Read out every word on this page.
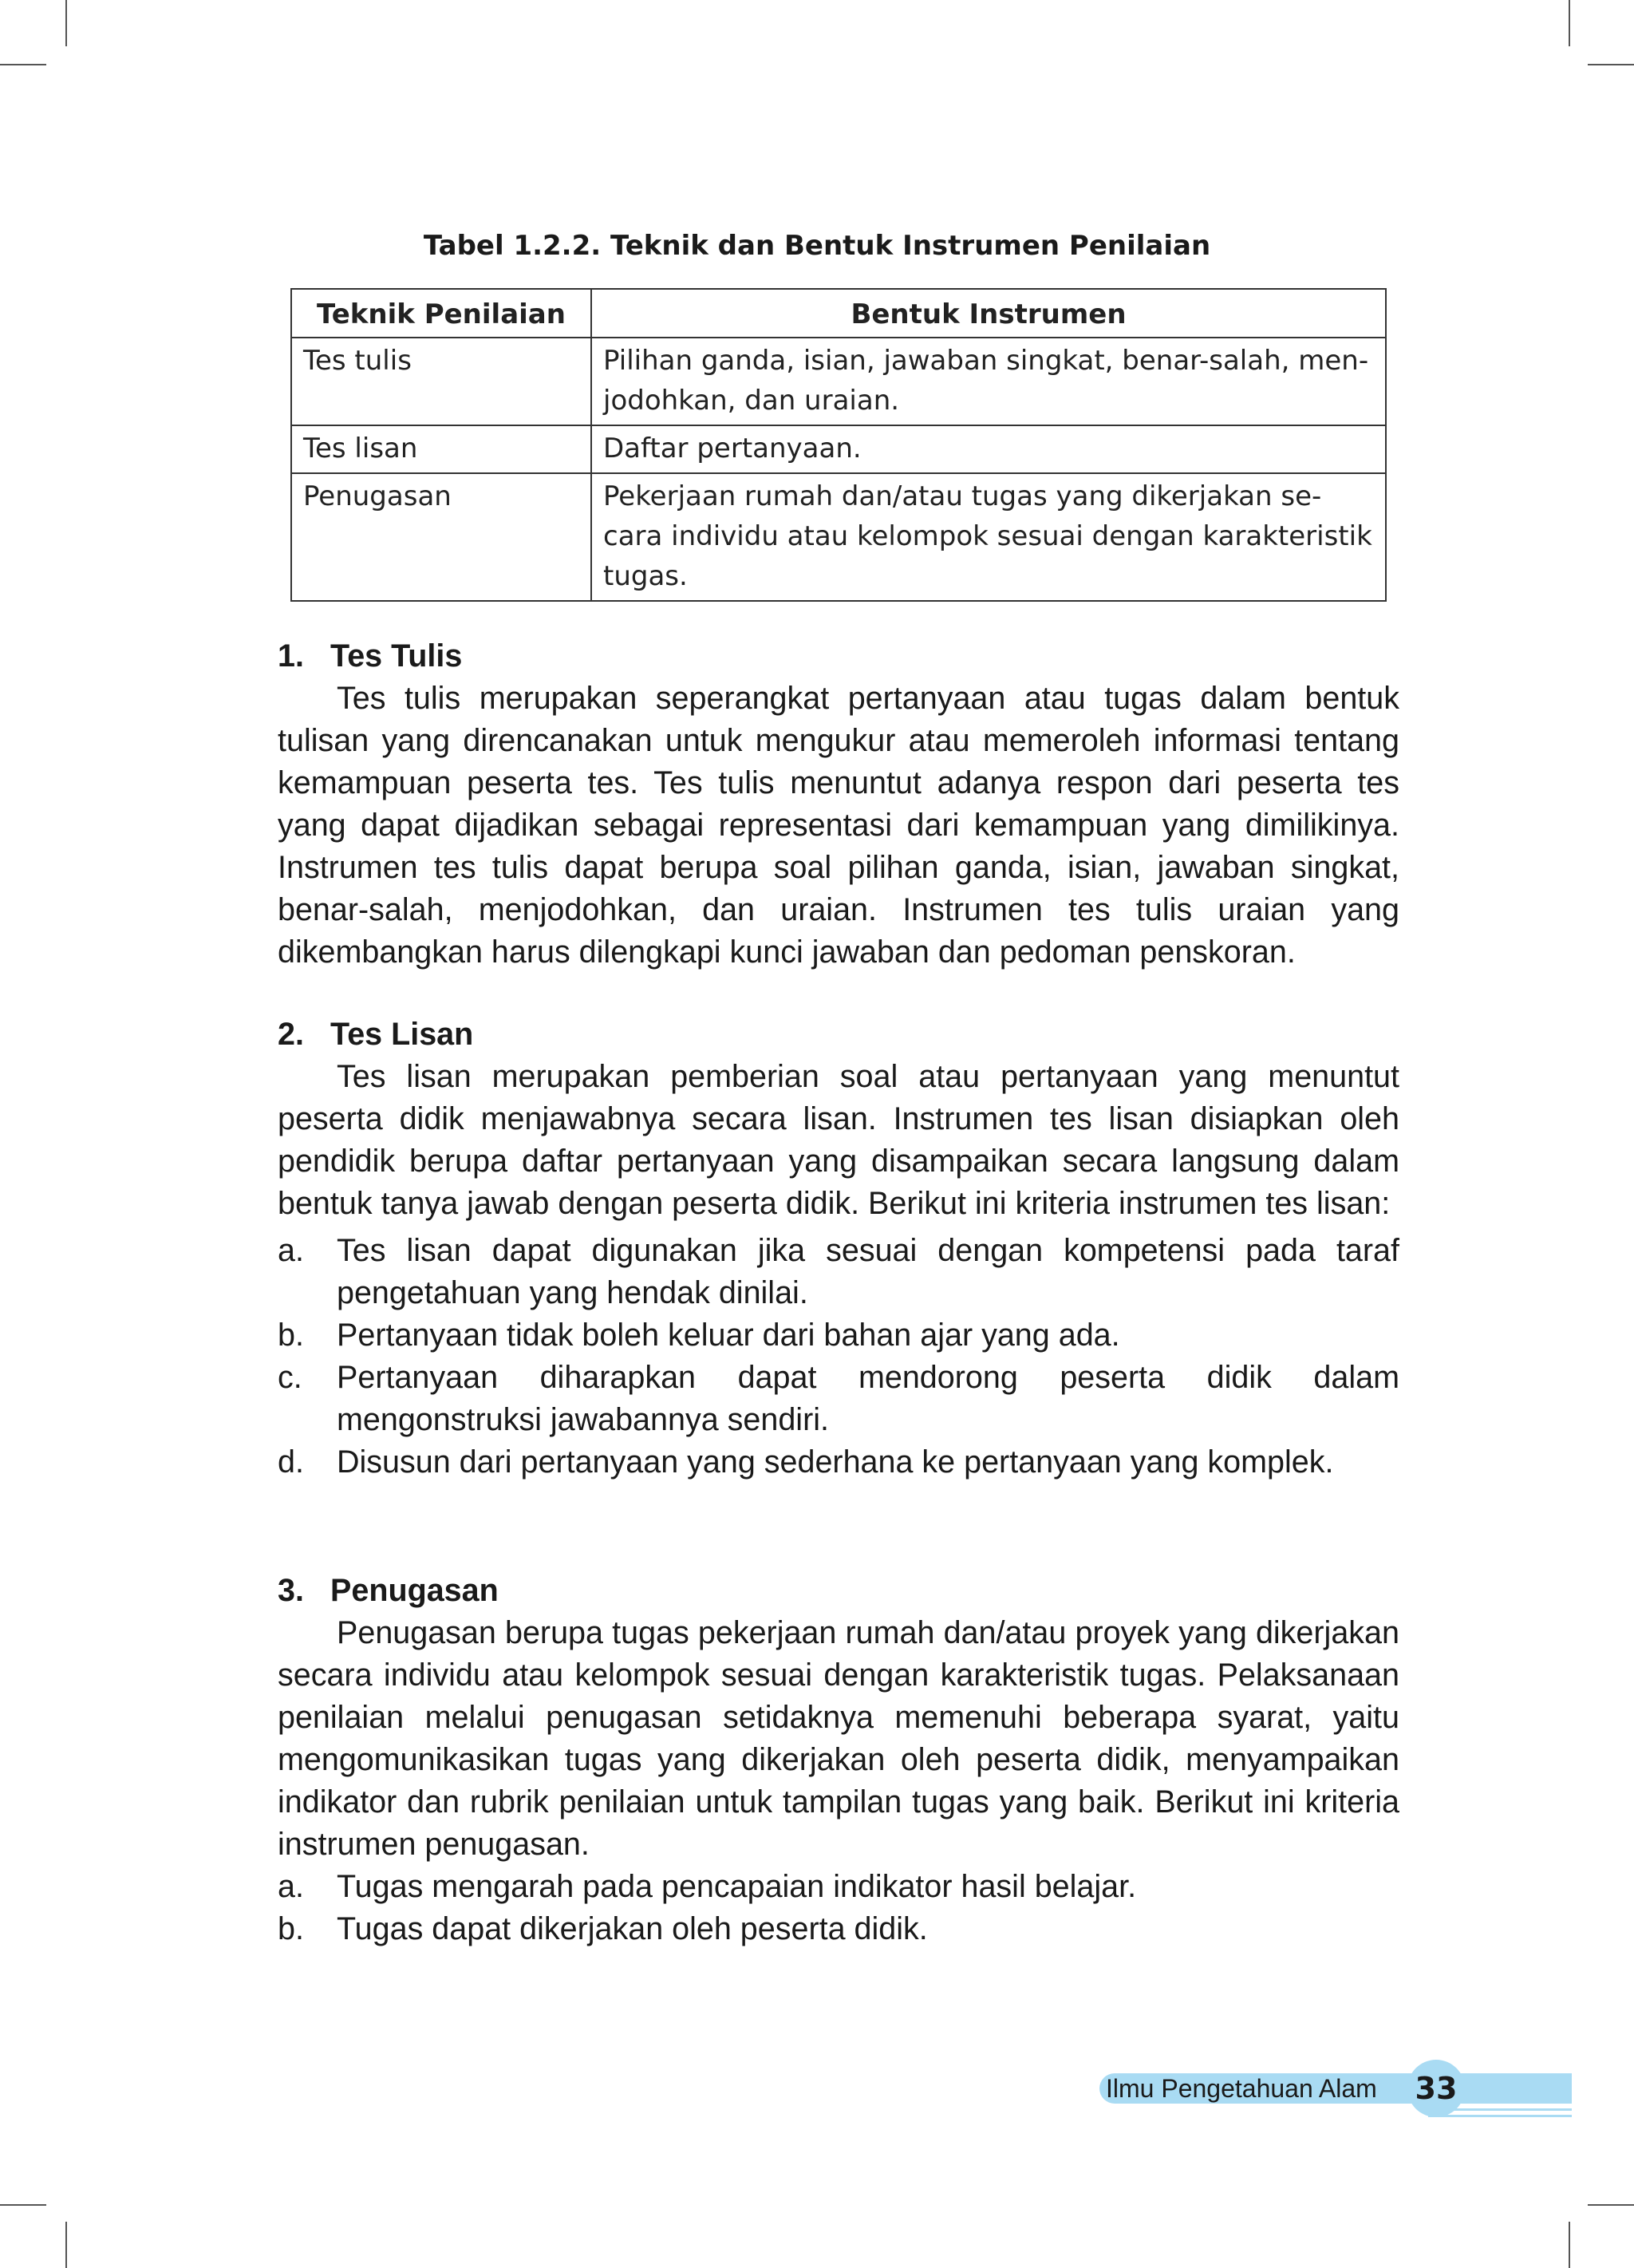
Tabel 1.2.2. Teknik dan Bentuk Instrumen Penilaian
Teknik Penilaian	Bentuk Instrumen
Tes tulis	Pilihan ganda, isian, jawaban singkat, benar-salah, men-jodohkan, dan uraian.
Tes lisan	Daftar pertanyaan.
Penugasan	Pekerjaan rumah dan/atau tugas yang dikerjakan se-cara individu atau kelompok sesuai dengan karakteristik tugas.

1. Tes Tulis

Tes tulis merupakan seperangkat pertanyaan atau tugas dalam bentuk tulisan yang direncanakan untuk mengukur atau memeroleh informasi tentang kemampuan peserta tes. Tes tulis menuntut adanya respon dari peserta tes yang dapat dijadikan sebagai representasi dari kemampuan yang dimilikinya. Instrumen tes tulis dapat berupa soal pilihan ganda, isian, jawaban singkat, benar-salah, menjodohkan, dan uraian. Instrumen tes tulis uraian yang dikembangkan harus dilengkapi kunci jawaban dan pedoman penskoran.

2. Tes Lisan

Tes lisan merupakan pemberian soal atau pertanyaan yang menuntut peserta didik menjawabnya secara lisan. Instrumen tes lisan disiapkan oleh pendidik berupa daftar pertanyaan yang disampaikan secara langsung dalam bentuk tanya jawab dengan peserta didik. Berikut ini kriteria instrumen tes lisan:

a. Tes lisan dapat digunakan jika sesuai dengan kompetensi pada taraf pengetahuan yang hendak dinilai.
b. Pertanyaan tidak boleh keluar dari bahan ajar yang ada.
c. Pertanyaan diharapkan dapat mendorong peserta didik dalam mengonstruksi jawabannya sendiri.
d. Disusun dari pertanyaan yang sederhana ke pertanyaan yang komplek.

3. Penugasan

Penugasan berupa tugas pekerjaan rumah dan/atau proyek yang dikerjakan secara individu atau kelompok sesuai dengan karakteristik tugas. Pelaksanaan penilaian melalui penugasan setidaknya memenuhi beberapa syarat, yaitu mengomunikasikan tugas yang dikerjakan oleh peserta didik, menyampaikan indikator dan rubrik penilaian untuk tampilan tugas yang baik. Berikut ini kriteria instrumen penugasan.

a. Tugas mengarah pada pencapaian indikator hasil belajar.
b. Tugas dapat dikerjakan oleh peserta didik.
Ilmu Pengetahuan Alam 33
